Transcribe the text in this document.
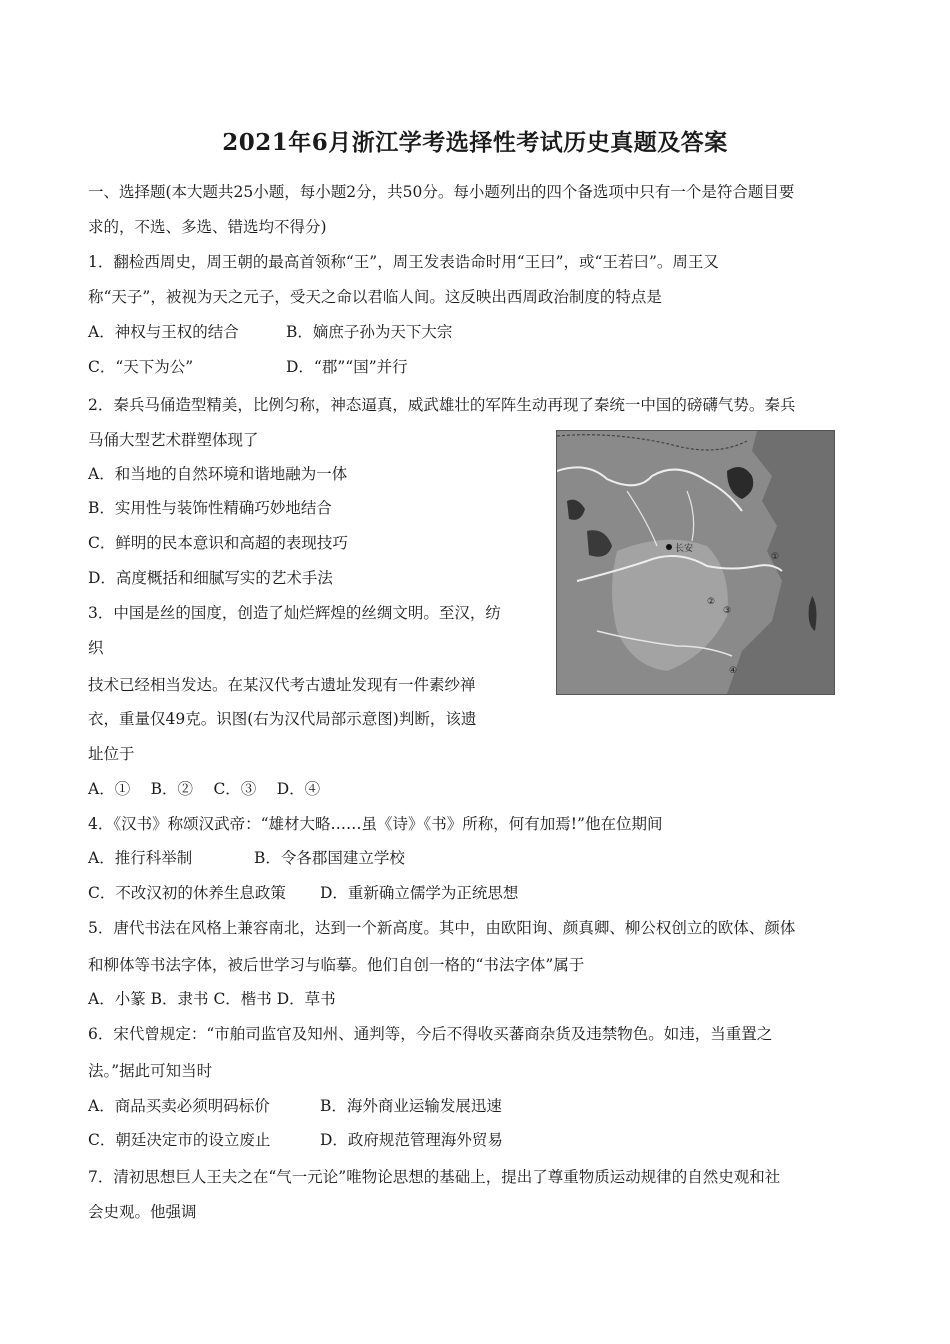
2021年6月浙江学考选择性考试历史真题及答案
一、选择题(本大题共25小题，每小题2分，共50分。每小题列出的四个备选项中只有一个是符合题目要
求的，不选、多选、错选均不得分)
1．翻检西周史，周王朝的最高首领称“王”，周王发表诰命时用“王曰”，或“王若曰”。周王又
称“天子”，被视为天之元子，受天之命以君临人间。这反映出西周政治制度的特点是
A．神权与王权的结合	B．嫡庶子孙为天下大宗
C．“天下为公”	D．“郡”“国”并行
2．秦兵马俑造型精美，比例匀称，神态逼真，威武雄壮的军阵生动再现了秦统一中国的磅礴气势。秦兵
马俑大型艺术群塑体现了
A．和当地的自然环境和谐地融为一体
B．实用性与装饰性精确巧妙地结合
C．鲜明的民本意识和高超的表现技巧
D．高度概括和细腻写实的艺术手法
3．中国是丝的国度，创造了灿烂辉煌的丝绸文明。至汉，纺
织
技术已经相当发达。在某汉代考古遗址发现有一件素纱禅
衣，重量仅49克。识图(右为汉代局部示意图)判断，该遗
址位于
A．①　 B．②　 C．③　 D．④
长安
①
②
③
④
4．《汉书》称颂汉武帝：“雄材大略……虽《诗》《书》所称，何有加焉!”他在位期间
A．推行科举制	B．令各郡国建立学校
C．不改汉初的休养生息政策 D．重新确立儒学为正统思想
5．唐代书法在风格上兼容南北，达到一个新高度。其中，由欧阳询、颜真卿、柳公权创立的欧体、颜体
和柳体等书法字体，被后世学习与临摹。他们自创一格的“书法字体”属于
A．小篆 B．隶书 C．楷书 D．草书
6．宋代曾规定：“市舶司监官及知州、通判等，今后不得收买蕃商杂货及违禁物色。如违，当重置之
法。”据此可知当时
A．商品买卖必须明码标价	B．海外商业运输发展迅速
C．朝廷决定市的设立废止	D．政府规范管理海外贸易
7．清初思想巨人王夫之在“气一元论”唯物论思想的基础上，提出了尊重物质运动规律的自然史观和社
会史观。他强调
